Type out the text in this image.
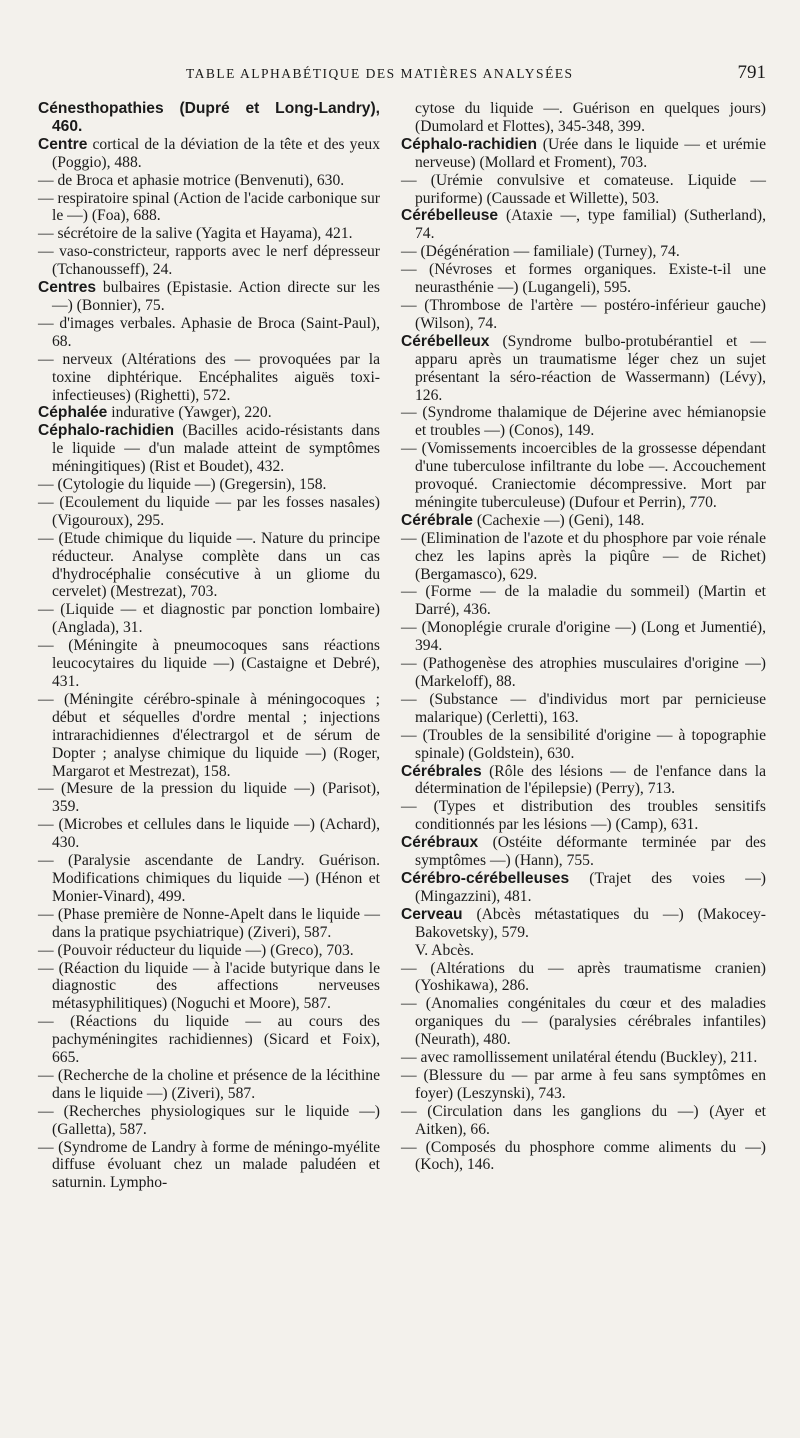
TABLE ALPHABÉTIQUE DES MATIÈRES ANALYSÉES	791

Cénesthopathies (Dupré et Long-Landry), 460.

Centre cortical de la déviation de la tête et des yeux (Poggio), 488.

— de Broca et aphasie motrice (Benvenuti), 630.

— respiratoire spinal (Action de l'acide carbonique sur le —) (Foa), 688.

— sécrétoire de la salive (Yagita et Hayama), 421.

— vaso-constricteur, rapports avec le nerf dépresseur (Tchanousseff), 24.

Centres bulbaires (Epistasie. Action directe sur les —) (Bonnier), 75.

— d'images verbales. Aphasie de Broca (Saint-Paul), 68.

— nerveux (Altérations des — provoquées par la toxine diphtérique. Encéphalites aiguës toxi-infectieuses) (Righetti), 572.

Céphalée indurative (Yawger), 220.

Céphalo-rachidien (Bacilles acido-résistants dans le liquide — d'un malade atteint de symptômes méningitiques) (Rist et Boudet), 432.

— (Cytologie du liquide —) (Gregersin), 158.

— (Ecoulement du liquide — par les fosses nasales) (Vigouroux), 295.

— (Etude chimique du liquide —. Nature du principe réducteur. Analyse complète dans un cas d'hydrocéphalie consécutive à un gliome du cervelet) (Mestrezat), 703.

— (Liquide — et diagnostic par ponction lombaire) (Anglada), 31.

— (Méningite à pneumocoques sans réactions leucocytaires du liquide —) (Castaigne et Debré), 431.

— (Méningite cérébro-spinale à méningocoques ; début et séquelles d'ordre mental ; injections intrarachidiennes d'électrargol et de sérum de Dopter ; analyse chimique du liquide —) (Roger, Margarot et Mestrezat), 158.

— (Mesure de la pression du liquide —) (Parisot), 359.

— (Microbes et cellules dans le liquide —) (Achard), 430.

— (Paralysie ascendante de Landry. Guérison. Modifications chimiques du liquide —) (Hénon et Monier-Vinard), 499.

— (Phase première de Nonne-Apelt dans le liquide — dans la pratique psychiatrique) (Ziveri), 587.

— (Pouvoir réducteur du liquide —) (Greco), 703.

— (Réaction du liquide — à l'acide butyrique dans le diagnostic des affections nerveuses métasyphilitiques) (Noguchi et Moore), 587.

— (Réactions du liquide — au cours des pachyméningites rachidiennes) (Sicard et Foix), 665.

— (Recherche de la choline et présence de la lécithine dans le liquide —) (Ziveri), 587.

— (Recherches physiologiques sur le liquide —) (Galletta), 587.

— (Syndrome de Landry à forme de méningo-myélite diffuse évoluant chez un malade paludéen et saturnin. Lympho-

cytose du liquide —. Guérison en quelques jours) (Dumolard et Flottes), 345-348, 399.

Céphalo-rachidien (Urée dans le liquide — et urémie nerveuse) (Mollard et Froment), 703.

— (Urémie convulsive et comateuse. Liquide — puriforme) (Caussade et Willette), 503.

Cérébelleuse (Ataxie —, type familial) (Sutherland), 74.

— (Dégénération — familiale) (Turney), 74.

— (Névroses et formes organiques. Existe-t-il une neurasthénie —) (Lugangeli), 595.

— (Thrombose de l'artère — postéro-inférieur gauche) (Wilson), 74.

Cérébelleux (Syndrome bulbo-protubérantiel et — apparu après un traumatisme léger chez un sujet présentant la séro-réaction de Wassermann) (Lévy), 126.

— (Syndrome thalamique de Déjerine avec hémianopsie et troubles —) (Conos), 149.

— (Vomissements incoercibles de la grossesse dépendant d'une tuberculose infiltrante du lobe —. Accouchement provoqué. Craniectomie décompressive. Mort par méningite tuberculeuse) (Dufour et Perrin), 770.

Cérébrale (Cachexie —) (Geni), 148.

— (Elimination de l'azote et du phosphore par voie rénale chez les lapins après la piqûre — de Richet) (Bergamasco), 629.

— (Forme — de la maladie du sommeil) (Martin et Darré), 436.

— (Monoplégie crurale d'origine —) (Long et Jumentié), 394.

— (Pathogenèse des atrophies musculaires d'origine —) (Markeloff), 88.

— (Substance — d'individus mort par pernicieuse malarique) (Cerletti), 163.

— (Troubles de la sensibilité d'origine — à topographie spinale) (Goldstein), 630.

Cérébrales (Rôle des lésions — de l'enfance dans la détermination de l'épilepsie) (Perry), 713.

— (Types et distribution des troubles sensitifs conditionnés par les lésions —) (Camp), 631.

Cérébraux (Ostéite déformante terminée par des symptômes —) (Hann), 755.

Cérébro-cérébelleuses (Trajet des voies —) (Mingazzini), 481.

Cerveau (Abcès métastatiques du —) (Makocey-Bakovetsky), 579.

V. Abcès.

— (Altérations du — après traumatisme cranien) (Yoshikawa), 286.

— (Anomalies congénitales du cœur et des maladies organiques du — (paralysies cérébrales infantiles) (Neurath), 480.

— avec ramollissement unilatéral étendu (Buckley), 211.

— (Blessure du — par arme à feu sans symptômes en foyer) (Leszynski), 743.

— (Circulation dans les ganglions du —) (Ayer et Aitken), 66.

— (Composés du phosphore comme aliments du —) (Koch), 146.
